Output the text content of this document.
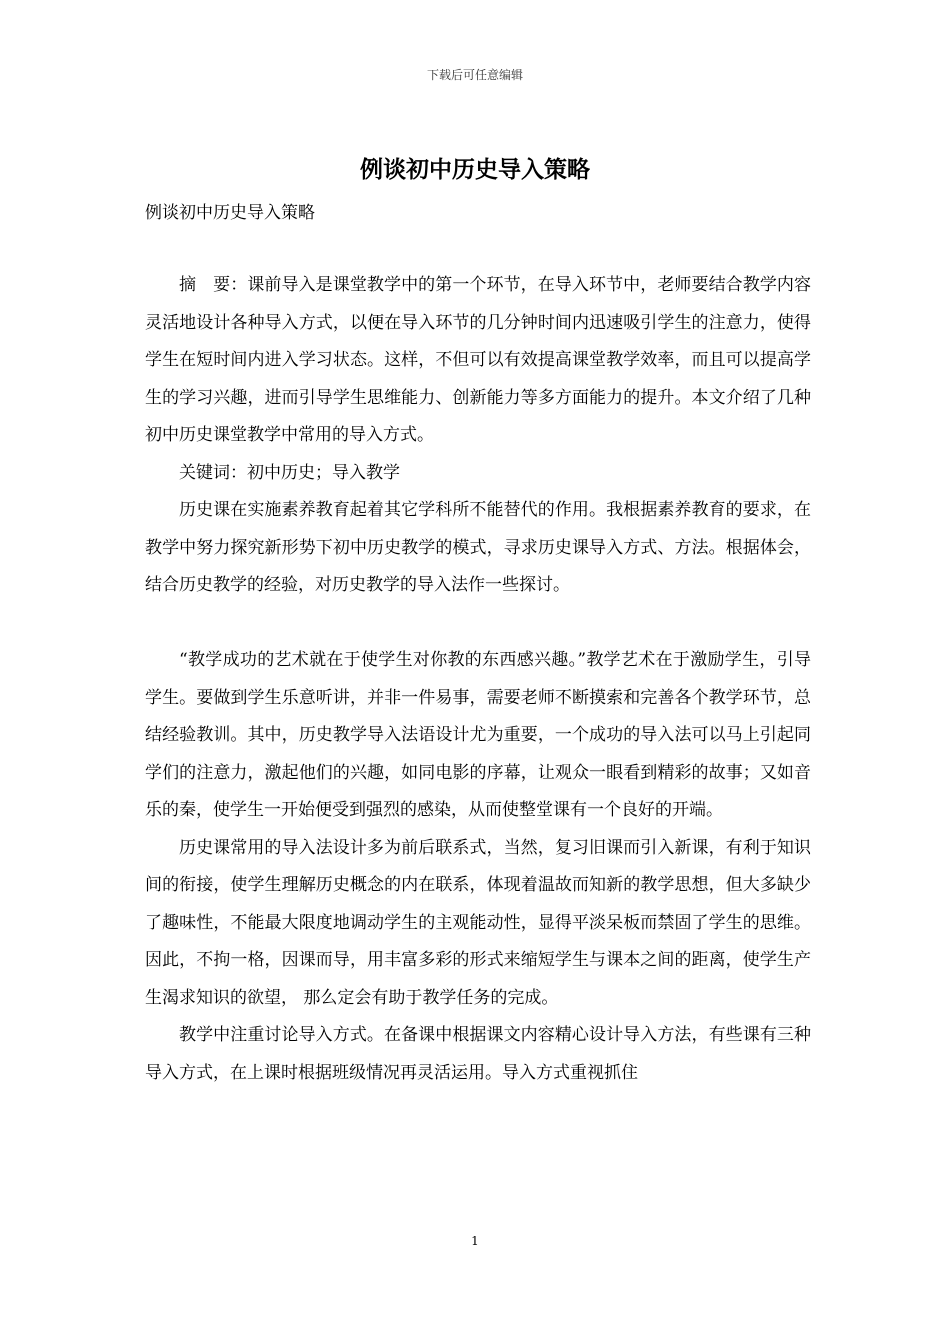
下载后可任意编辑
例谈初中历史导入策略
例谈初中历史导入策略

摘 要：课前导入是课堂教学中的第一个环节，在导入环节中，老师要结合教学内容灵活地设计各种导入方式，以便在导入环节的几分钟时间内迅速吸引学生的注意力，使得学生在短时间内进入学习状态。这样，不但可以有效提高课堂教学效率，而且可以提高学生的学习兴趣，进而引导学生思维能力、创新能力等多方面能力的提升。本文介绍了几种初中历史课堂教学中常用的导入方式。

关键词：初中历史；导入教学

历史课在实施素养教育起着其它学科所不能替代的作用。我根据素养教育的要求，在教学中努力探究新形势下初中历史教学的模式，寻求历史课导入方式、方法。根据体会，结合历史教学的经验，对历史教学的导入法作一些探讨。

“教学成功的艺术就在于使学生对你教的东西感兴趣。”教学艺术在于激励学生，引导学生。要做到学生乐意听讲，并非一件易事，需要老师不断摸索和完善各个教学环节，总结经验教训。其中，历史教学导入法语设计尤为重要，一个成功的导入法可以马上引起同学们的注意力，激起他们的兴趣，如同电影的序幕，让观众一眼看到精彩的故事；又如音乐的秦，使学生一开始便受到强烈的感染，从而使整堂课有一个良好的开端。

历史课常用的导入法设计多为前后联系式，当然，复习旧课而引入新课，有利于知识间的衔接，使学生理解历史概念的内在联系，体现着温故而知新的教学思想，但大多缺少了趣味性，不能最大限度地调动学生的主观能动性，显得平淡呆板而禁固了学生的思维。因此，不拘一格，因课而导，用丰富多彩的形式来缩短学生与课本之间的距离，使学生产生渴求知识的欲望， 那么定会有助于教学任务的完成。

教学中注重讨论导入方式。在备课中根据课文内容精心设计导入方法，有些课有三种导入方式，在上课时根据班级情况再灵活运用。导入方式重视抓住

1
